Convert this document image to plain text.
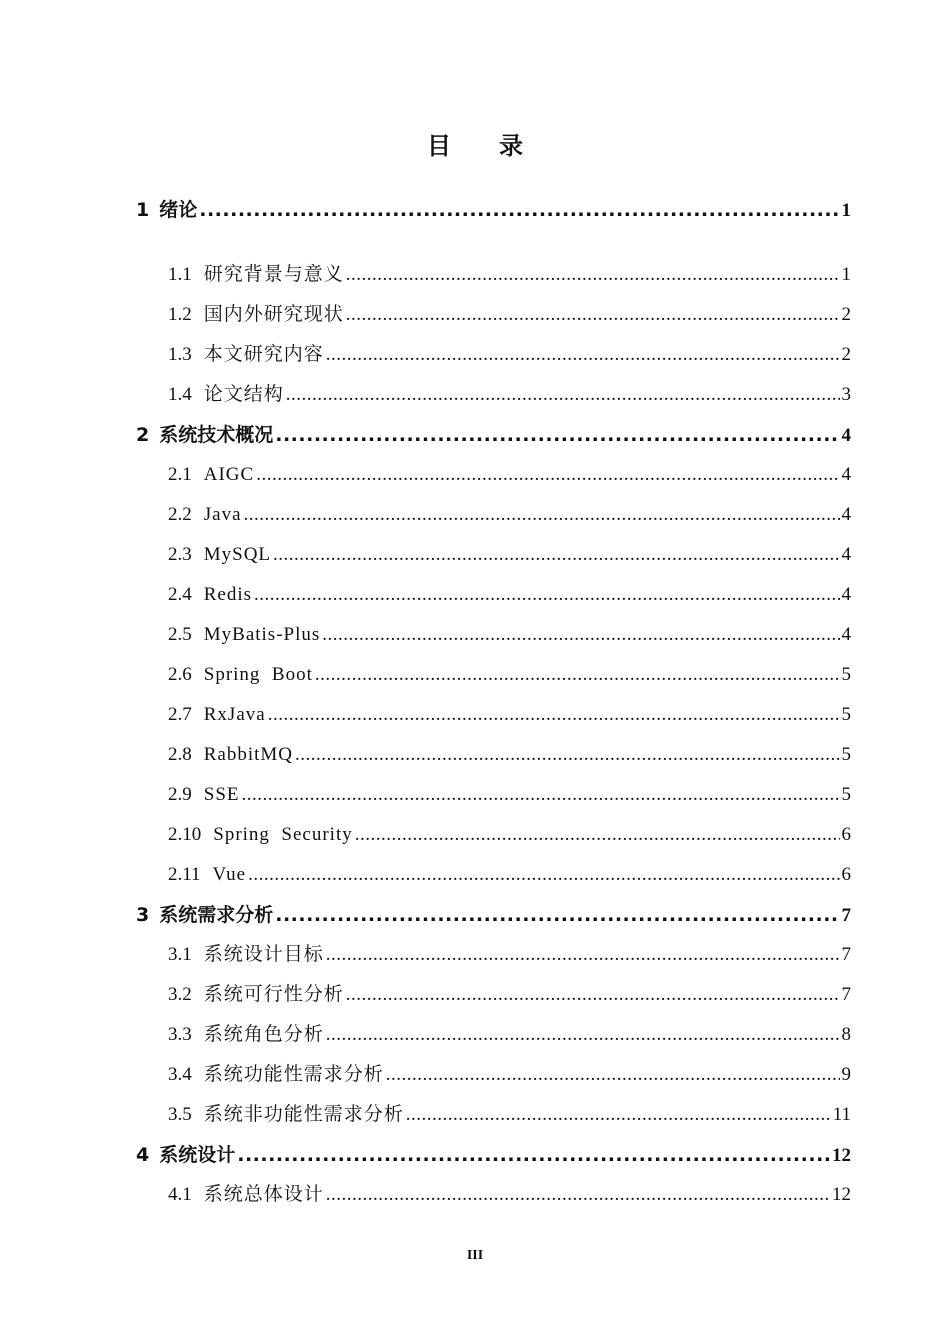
目 录
1 绪论 .....	1
1.1 研究背景与意义 .....	1
1.2 国内外研究现状 .....	2
1.3 本文研究内容 .....	2
1.4 论文结构 .....	3
2 系统技术概况 .....	4
2.1 AIGC .....	4
2.2 Java .....	4
2.3 MySQL .....	4
2.4 Redis .....	4
2.5 MyBatis-Plus .....	4
2.6 Spring  Boot .....	5
2.7 RxJava .....	5
2.8 RabbitMQ .....	5
2.9 SSE .....	5
2.10 Spring  Security .....	6
2.11 Vue .....	6
3 系统需求分析 .....	7
3.1 系统设计目标 .....	7
3.2 系统可行性分析 .....	7
3.3 系统角色分析 .....	8
3.4 系统功能性需求分析 .....	9
3.5 系统非功能性需求分析 .....	11
4 系统设计 .....	12
4.1 系统总体设计 .....	12
III
